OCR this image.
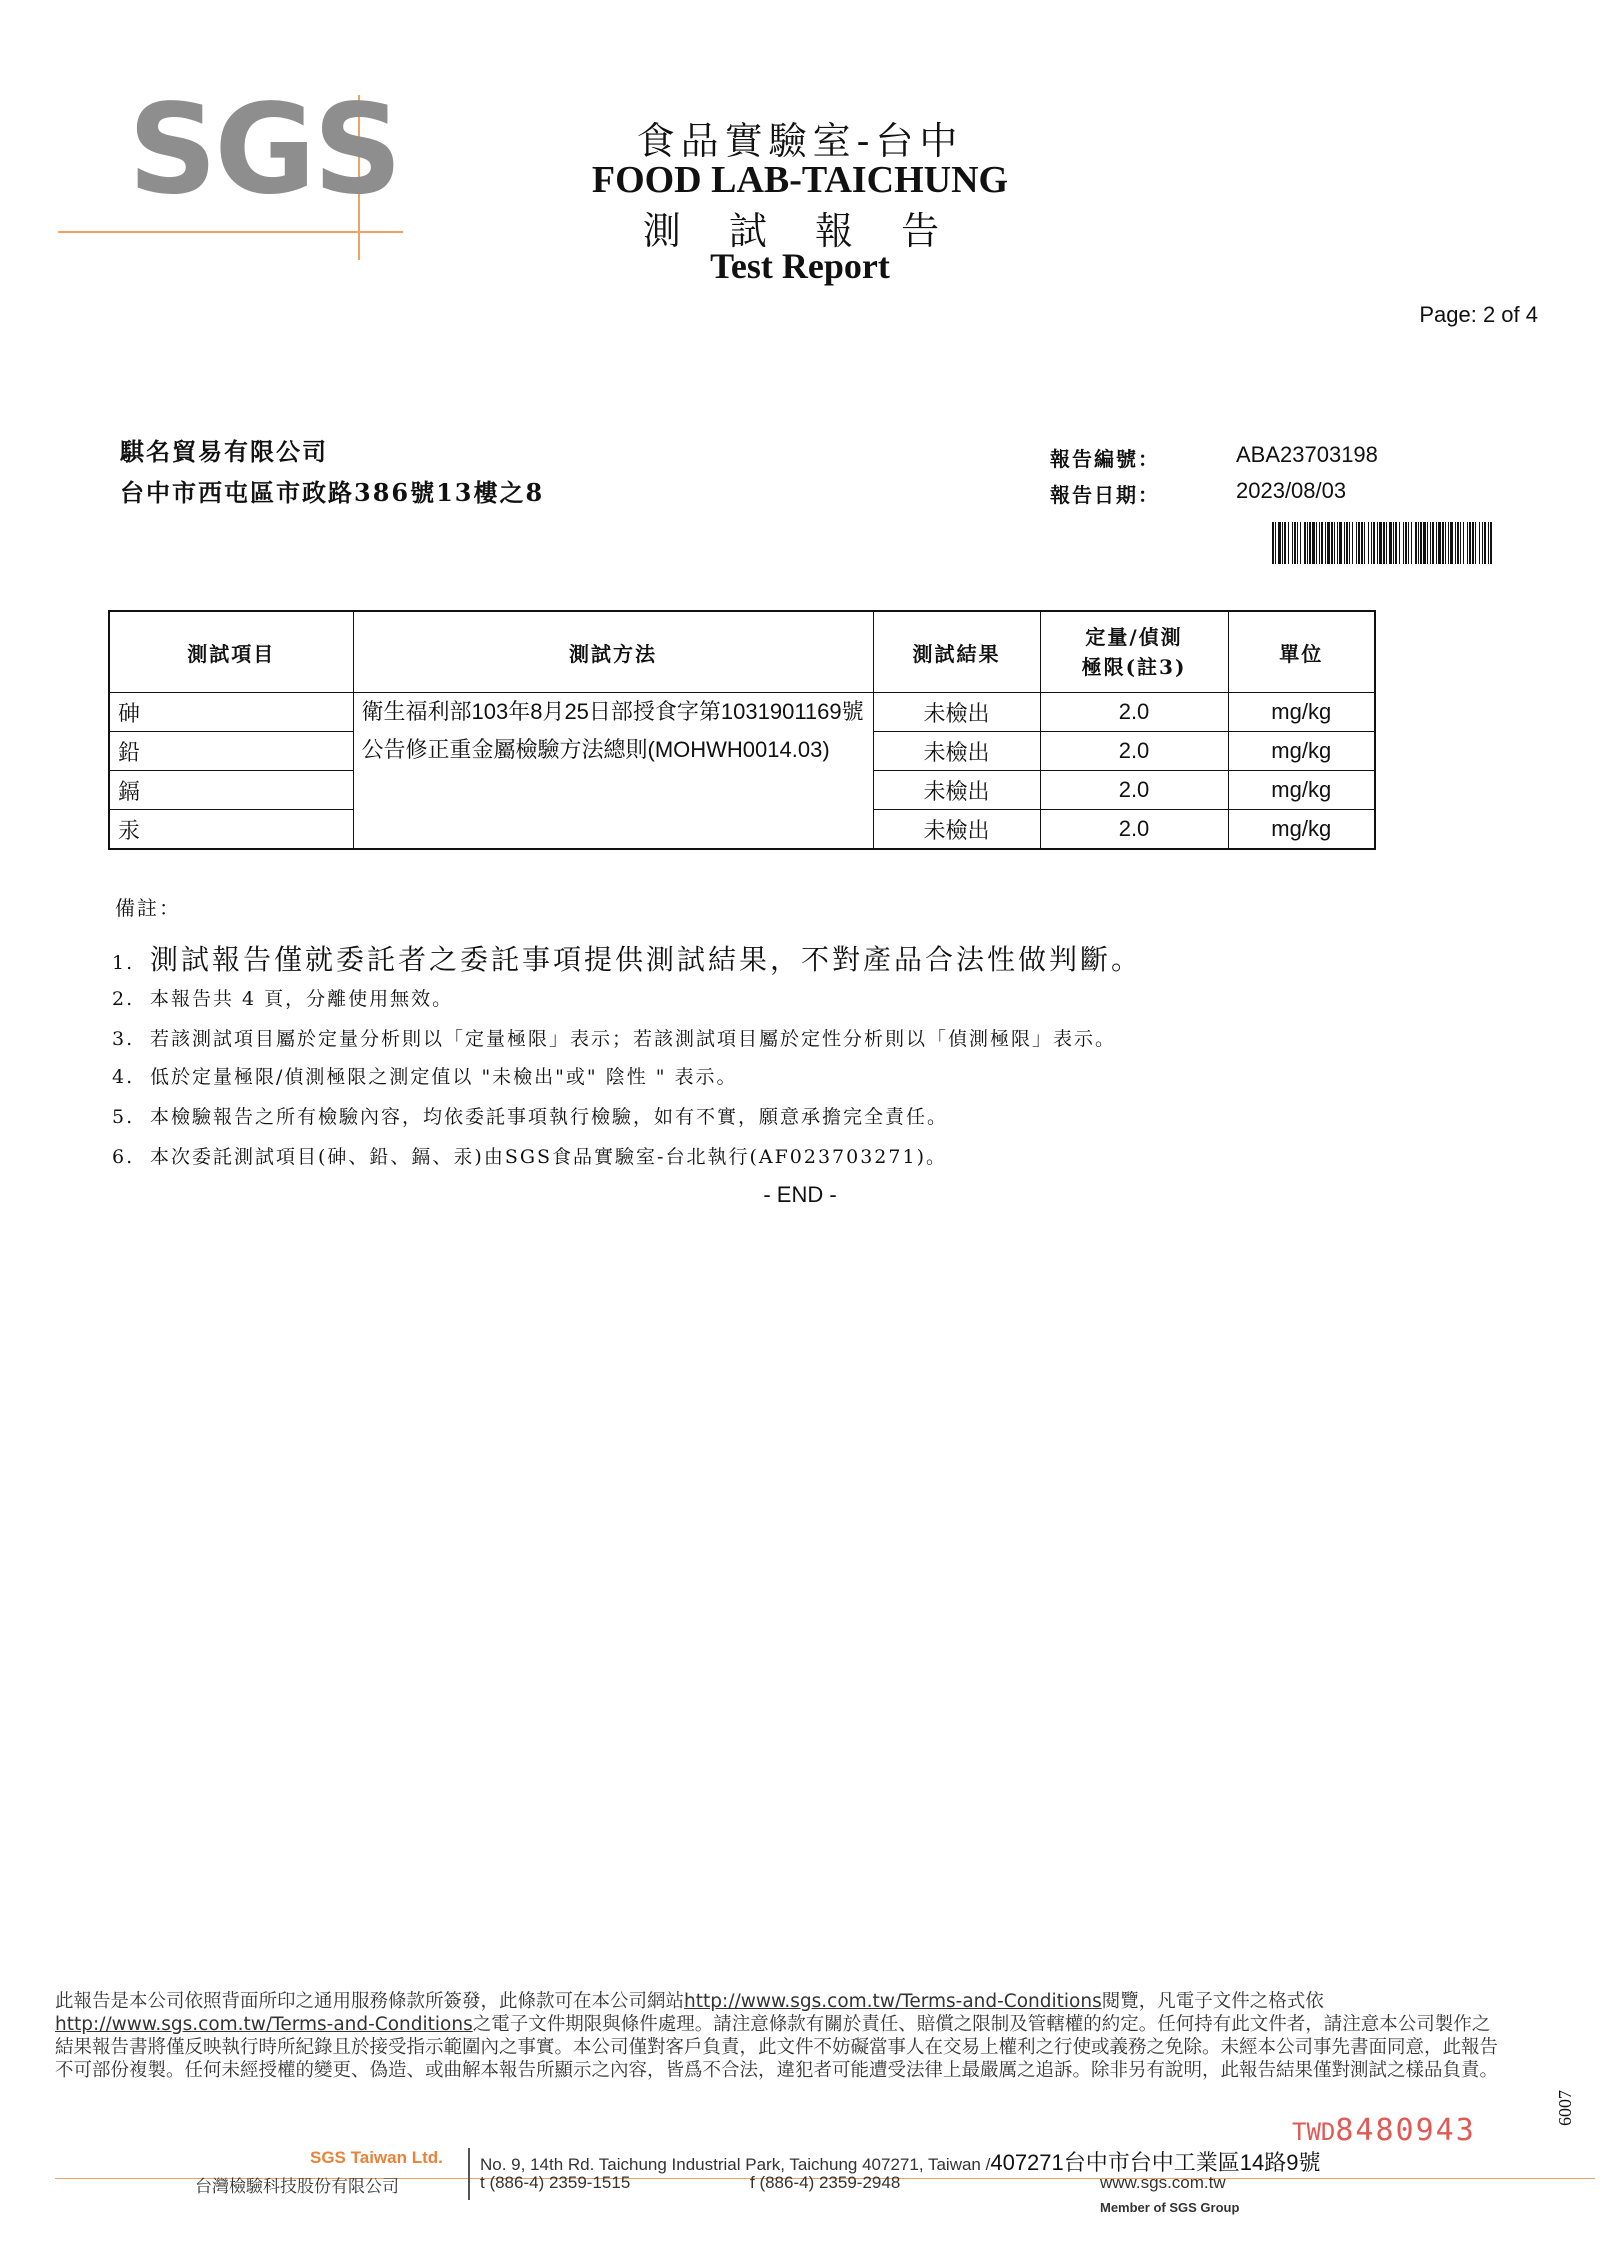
SGS	食品實驗室-台中
FOOD LAB-TAICHUNG
測 試 報 告
Test Report
Page: 2 of 4
騏名貿易有限公司
台中市西屯區市政路386號13樓之8
報告編號：	ABA23703198
報告日期：	2023/08/03
測試項目	測試方法	測試結果	定量/偵測極限(註3)	單位
砷	衛生福利部103年8月25日部授食字第1031901169號公告修正重金屬檢驗方法總則(MOHWH0014.03)	未檢出	2.0	mg/kg
鉛		未檢出	2.0	mg/kg
鎘		未檢出	2.0	mg/kg
汞		未檢出	2.0	mg/kg
備註：
1. 測試報告僅就委託者之委託事項提供測試結果，不對產品合法性做判斷。
2. 本報告共 4 頁，分離使用無效。
3. 若該測試項目屬於定量分析則以「定量極限」表示；若該測試項目屬於定性分析則以「偵測極限」表示。
4. 低於定量極限/偵測極限之測定值以 "未檢出"或" 陰性 " 表示。
5. 本檢驗報告之所有檢驗內容，均依委託事項執行檢驗，如有不實，願意承擔完全責任。
6. 本次委託測試項目(砷、鉛、鎘、汞)由SGS食品實驗室-台北執行(AF023703271)。
- END -
此報告是本公司依照背面所印之通用服務條款所簽發，此條款可在本公司網站http://www.sgs.com.tw/Terms-and-Conditions閱覽，凡電子文件之格式依http://www.sgs.com.tw/Terms-and-Conditions之電子文件期限與條件處理。請注意條款有關於責任、賠償之限制及管轄權的約定。任何持有此文件者，請注意本公司製作之結果報告書將僅反映執行時所紀錄且於接受指示範圍內之事實。本公司僅對客戶負責，此文件不妨礙當事人在交易上權利之行使或義務之免除。未經本公司事先書面同意，此報告不可部份複製。任何未經授權的變更、偽造、或曲解本報告所顯示之內容，皆爲不合法，違犯者可能遭受法律上最嚴厲之追訴。除非另有說明，此報告結果僅對測試之樣品負責。
6007
TWD8480943
SGS Taiwan Ltd.
台灣檢驗科技股份有限公司
No. 9, 14th Rd. Taichung Industrial Park, Taichung 407271, Taiwan /407271台中市台中工業區14路9號
t (886-4) 2359-1515	f (886-4) 2359-2948	www.sgs.com.tw
Member of SGS Group
